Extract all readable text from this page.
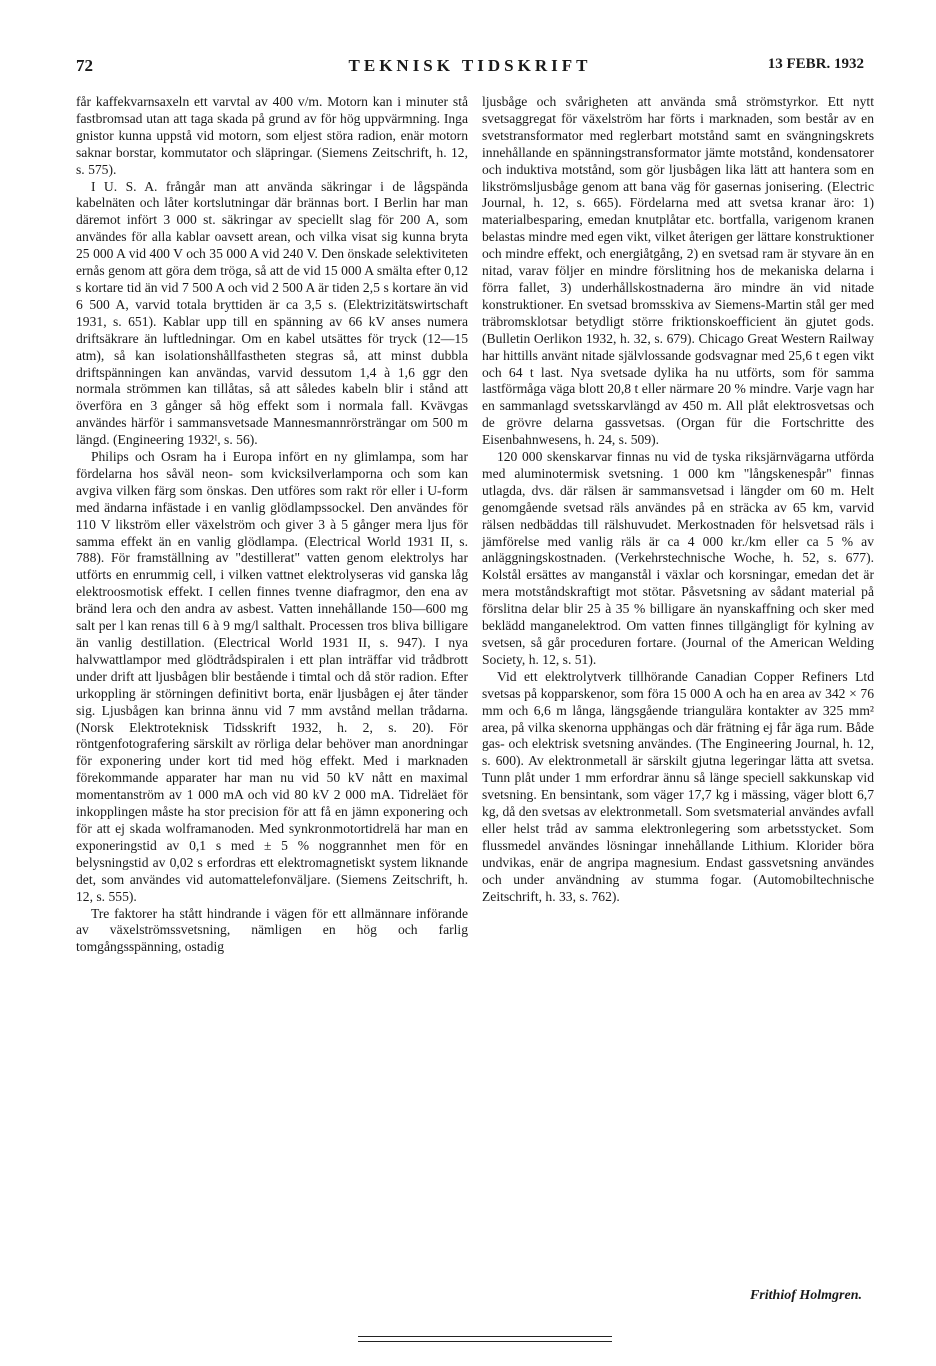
72	TEKNISK TIDSKRIFT	13 FEBR. 1932

får kaffekvarnsaxeln ett varvtal av 400 v/m. Motorn kan i minuter stå fastbromsad utan att taga skada på grund av för hög uppvärmning. Inga gnistor kunna uppstå vid motorn, som eljest störa radion, enär motorn saknar borstar, kommutator och släpringar. (Siemens Zeitschrift, h. 12, s. 575).

I U. S. A. frångår man att använda säkringar i de lågspända kabelnäten och låter kortslutningar där brännas bort. I Berlin har man däremot infört 3 000 st. säkringar av speciellt slag för 200 A, som användes för alla kablar oavsett arean, och vilka visat sig kunna bryta 25 000 A vid 400 V och 35 000 A vid 240 V. Den önskade selektiviteten ernås genom att göra dem tröga, så att de vid 15 000 A smälta efter 0,12 s kortare tid än vid 7 500 A och vid 2 500 A är tiden 2,5 s kortare än vid 6 500 A, varvid totala bryttiden är ca 3,5 s. (Elektrizitätswirtschaft 1931, s. 651). Kablar upp till en spänning av 66 kV anses numera driftsäkrare än luftledningar. Om en kabel utsättes för tryck (12—15 atm), så kan isolationshållfastheten stegras så, att minst dubbla driftspänningen kan användas, varvid dessutom 1,4 à 1,6 ggr den normala strömmen kan tillåtas, så att således kabeln blir i stånd att överföra en 3 gånger så hög effekt som i normala fall. Kvävgas användes härför i sammansvetsade Mannesmannrörsträngar om 500 m längd. (Engineering 1932ᴵ, s. 56).

Philips och Osram ha i Europa infört en ny glimlampa, som har fördelarna hos såväl neon- som kvicksilverlamporna och som kan avgiva vilken färg som önskas. Den utföres som rakt rör eller i U-form med ändarna infästade i en vanlig glödlampssockel. Den användes för 110 V likström eller växelström och giver 3 à 5 gånger mera ljus för samma effekt än en vanlig glödlampa. (Electrical World 1931 II, s. 788). För framställning av "destillerat" vatten genom elektrolys har utförts en enrummig cell, i vilken vattnet elektrolyseras vid ganska låg elektroosmotisk effekt. I cellen finnes tvenne diafragmor, den ena av bränd lera och den andra av asbest. Vatten innehållande 150—600 mg salt per l kan renas till 6 à 9 mg/l salthalt. Processen tros bliva billigare än vanlig destillation. (Electrical World 1931 II, s. 947). I nya halvwattlampor med glödtrådspiralen i ett plan inträffar vid trådbrott under drift att ljusbågen blir bestående i timtal och då stör radion. Efter urkoppling är störningen definitivt borta, enär ljusbågen ej åter tänder sig. Ljusbågen kan brinna ännu vid 7 mm avstånd mellan trådarna. (Norsk Elektroteknisk Tidsskrift 1932, h. 2, s. 20). För röntgenfotografering särskilt av rörliga delar behöver man anordningar för exponering under kort tid med hög effekt. Med i marknaden förekommande apparater har man nu vid 50 kV nått en maximal momentanström av 1 000 mA och vid 80 kV 2 000 mA. Tidreläet för inkopplingen måste ha stor precision för att få en jämn exponering och för att ej skada wolframanoden. Med synkronmotortidrelä har man en exponeringstid av 0,1 s med ± 5 % noggrannhet men för en belysningstid av 0,02 s erfordras ett elektromagnetiskt system liknande det, som användes vid automattelefonväljare. (Siemens Zeitschrift, h. 12, s. 555).

Tre faktorer ha stått hindrande i vägen för ett allmännare införande av växelströmssvetsning, nämligen en hög och farlig tomgångsspänning, ostadig

ljusbåge och svårigheten att använda små strömstyrkor. Ett nytt svetsaggregat för växelström har förts i marknaden, som består av en svetstransformator med reglerbart motstånd samt en svängningskrets innehållande en spänningstransformator jämte motstånd, kondensatorer och induktiva motstånd, som gör ljusbågen lika lätt att hantera som en likströmsljusbåge genom att bana väg för gasernas jonisering. (Electric Journal, h. 12, s. 665). Fördelarna med att svetsa kranar äro: 1) materialbesparing, emedan knutplåtar etc. bortfalla, varigenom kranen belastas mindre med egen vikt, vilket återigen ger lättare konstruktioner och mindre effekt, och energiåtgång, 2) en svetsad ram är styvare än en nitad, varav följer en mindre förslitning hos de mekaniska delarna i förra fallet, 3) underhållskostnaderna äro mindre än vid nitade konstruktioner. En svetsad bromsskiva av Siemens-Martin stål ger med träbromsklotsar betydligt större friktionskoefficient än gjutet gods. (Bulletin Oerlikon 1932, h. 32, s. 679). Chicago Great Western Railway har hittills använt nitade självlossande godsvagnar med 25,6 t egen vikt och 64 t last. Nya svetsade dylika ha nu utförts, som för samma lastförmåga väga blott 20,8 t eller närmare 20 % mindre. Varje vagn har en sammanlagd svetsskarvlängd av 450 m. All plåt elektrosvetsas och de grövre delarna gassvetsas. (Organ für die Fortschritte des Eisenbahnwesens, h. 24, s. 509).

120 000 skenskarvar finnas nu vid de tyska riksjärnvägarna utförda med aluminotermisk svetsning. 1 000 km "långskenespår" finnas utlagda, dvs. där rälsen är sammansvetsad i längder om 60 m. Helt genomgående svetsad räls användes på en sträcka av 65 km, varvid rälsen nedbäddas till rälshuvudet. Merkostnaden för helsvetsad räls i jämförelse med vanlig räls är ca 4 000 kr./km eller ca 5 % av anläggningskostnaden. (Verkehrstechnische Woche, h. 52, s. 677). Kolstål ersättes av manganstål i växlar och korsningar, emedan det är mera motståndskraftigt mot stötar. Påsvetsning av sådant material på förslitna delar blir 25 à 35 % billigare än nyanskaffning och sker med beklädd manganelektrod. Om vatten finnes tillgängligt för kylning av svetsen, så går proceduren fortare. (Journal of the American Welding Society, h. 12, s. 51).

Vid ett elektrolytverk tillhörande Canadian Copper Refiners Ltd svetsas på kopparskenor, som föra 15 000 A och ha en area av 342 × 76 mm och 6,6 m långa, längsgående triangulära kontakter av 325 mm² area, på vilka skenorna upphängas och där frätning ej får äga rum. Både gas- och elektrisk svetsning användes. (The Engineering Journal, h. 12, s. 600). Av elektronmetall är särskilt gjutna legeringar lätta att svetsa. Tunn plåt under 1 mm erfordrar ännu så länge speciell sakkunskap vid svetsning. En bensintank, som väger 17,7 kg i mässing, väger blott 6,7 kg, då den svetsas av elektronmetall. Som svetsmaterial användes avfall eller helst tråd av samma elektronlegering som arbetsstycket. Som flussmedel användes lösningar innehållande Lithium. Klorider böra undvikas, enär de angripa magnesium. Endast gassvetsning användes och under användning av stumma fogar. (Automobiltechnische Zeitschrift, h. 33, s. 762).

Frithiof Holmgren.
